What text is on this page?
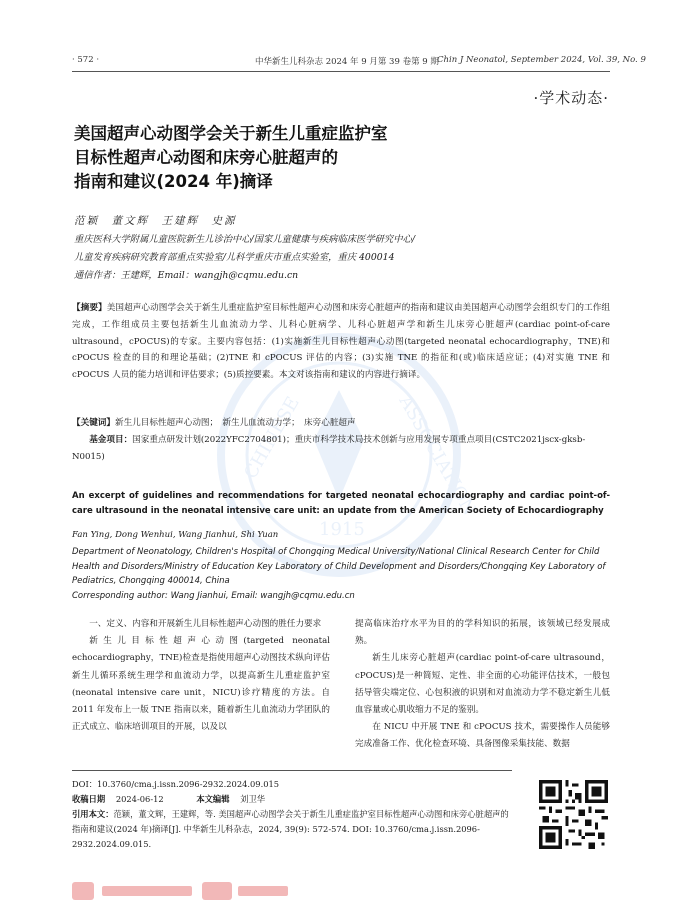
CHINESE	ASSOCIATION
1915
· 572 ·	中华新生儿科杂志 2024 年 9 月第 39 卷第 9 期
Chin J Neonatol, September 2024, Vol. 39, No. 9
·学术动态·
美国超声心动图学会关于新生儿重症监护室
目标性超声心动图和床旁心脏超声的
指南和建议(2024 年)摘译
范颖　董文辉　王建辉　史源
重庆医科大学附属儿童医院新生儿诊治中心/国家儿童健康与疾病临床医学研究中心/
儿童发育疾病研究教育部重点实验室/儿科学重庆市重点实验室，重庆 400014
通信作者：王建辉，Email：wangjh@cqmu.edu.cn
【摘要】美国超声心动图学会关于新生儿重症监护室目标性超声心动图和床旁心脏超声的指南和建议由美国超声心动图学会组织专门的工作组完成，工作组成员主要包括新生儿血流动力学、儿科心脏病学、儿科心脏超声学和新生儿床旁心脏超声(cardiac point-of-care ultrasound，cPOCUS)的专家。主要内容包括：(1)实施新生儿目标性超声心动图(targeted neonatal echocardiography，TNE)和 cPOCUS 检查的目的和理论基础；(2)TNE 和 cPOCUS 评估的内容；(3)实施 TNE 的指征和(或)临床适应证；(4)对实施 TNE 和 cPOCUS 人员的能力培训和评估要求；(5)质控要素。本文对该指南和建议的内容进行摘译。
【关键词】新生儿目标性超声心动图；　新生儿血流动力学；　床旁心脏超声
基金项目：国家重点研发计划(2022YFC2704801)；重庆市科学技术局技术创新与应用发展专项重点项目(CSTC2021jscx-gksb-N0015)
An excerpt of guidelines and recommendations for targeted neonatal echocardiography and cardiac point-of-care ultrasound in the neonatal intensive care unit: an update from the American Society of Echocardiography
Fan Ying, Dong Wenhui, Wang Jianhui, Shi Yuan
Department of Neonatology, Children's Hospital of Chongqing Medical University/National Clinical Research Center for Child Health and Disorders/Ministry of Education Key Laboratory of Child Development and Disorders/Chongqing Key Laboratory of Pediatrics, Chongqing 400014, China
Corresponding author: Wang Jianhui, Email: wangjh@cqmu.edu.cn

一、定义、内容和开展新生儿目标性超声心动图的胜任力要求

新生儿目标性超声心动图(targeted neonatal echocardiography，TNE)检查是指使用超声心动图技术纵向评估新生儿循环系统生理学和血流动力学，以提高新生儿重症监护室(neonatal intensive care unit，NICU)诊疗精度的方法。自 2011 年发布上一版 TNE 指南以来，随着新生儿血流动力学团队的正式成立、临床培训项目的开展，以及以

提高临床治疗水平为目的的学科知识的拓展，该领域已经发展成熟。

新生儿床旁心脏超声(cardiac point-of-care ultrasound，cPOCUS)是一种简短、定性、非全面的心功能评估技术，一般包括导管尖端定位、心包积液的识别和对血流动力学不稳定新生儿低血容量或心肌收缩力不足的鉴别。

在 NICU 中开展 TNE 和 cPOCUS 技术，需要操作人员能够完成准备工作、优化检查环境、具备图像采集技能、数据

DOI：10.3760/cma.j.issn.2096-2932.2024.09.015
收稿日期 2024-06-12	本文编辑 刘卫华
引用本文：范颖，董文辉，王建辉，等. 美国超声心动图学会关于新生儿重症监护室目标性超声心动图和床旁心脏超声的指南和建议(2024 年)摘译[J]. 中华新生儿科杂志，2024, 39(9): 572-574. DOI: 10.3760/cma.j.issn.2096-2932.2024.09.015.
